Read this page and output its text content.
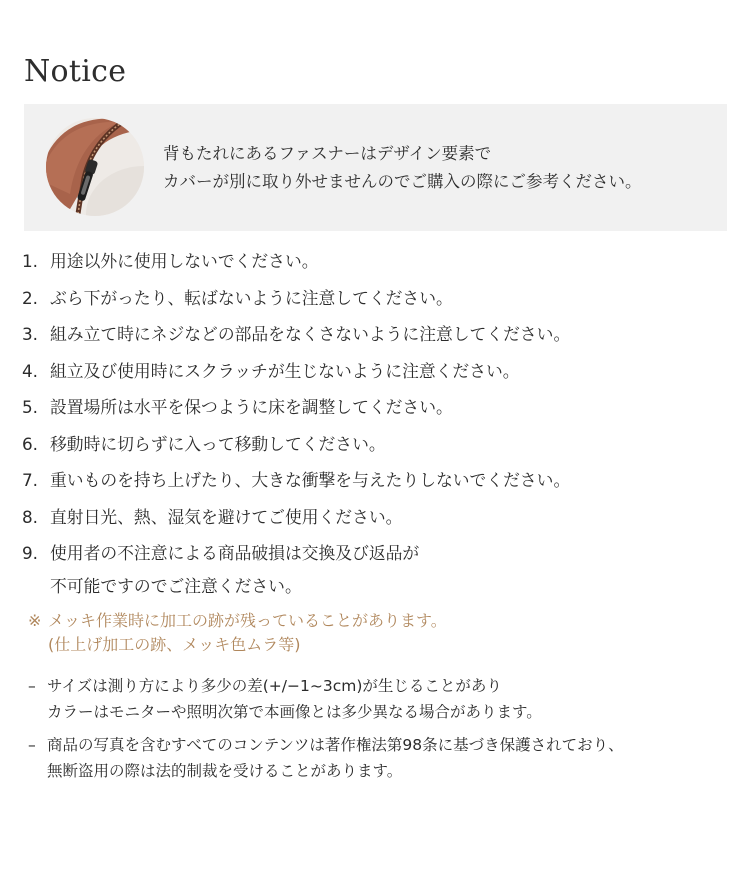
Notice
背もたれにあるファスナーはデザイン要素で
カバーが別に取り外せませんのでご購入の際にご参考ください。
1. 用途以外に使用しないでください。
2. ぶら下がったり、転ばないように注意してください。
3. 組み立て時にネジなどの部品をなくさないように注意してください。
4. 組立及び使用時にスクラッチが生じないように注意ください。
5. 設置場所は水平を保つように床を調整してください。
6. 移動時に切らずに入って移動してください。
7. 重いものを持ち上げたり、大きな衝撃を与えたりしないでください。
8. 直射日光、熱、湿気を避けてご使用ください。
9. 使用者の不注意による商品破損は交換及び返品が
不可能ですのでご注意ください。
※ メッキ作業時に加工の跡が残っていることがあります。
(仕上げ加工の跡、メッキ色ムラ等)
– サイズは測り方により多少の差(+/−1~3cm)が生じることがあり
カラーはモニターや照明次第で本画像とは多少異なる場合があります。
– 商品の写真を含むすべてのコンテンツは著作権法第98条に基づき保護されており、
無断盗用の際は法的制裁を受けることがあります。
